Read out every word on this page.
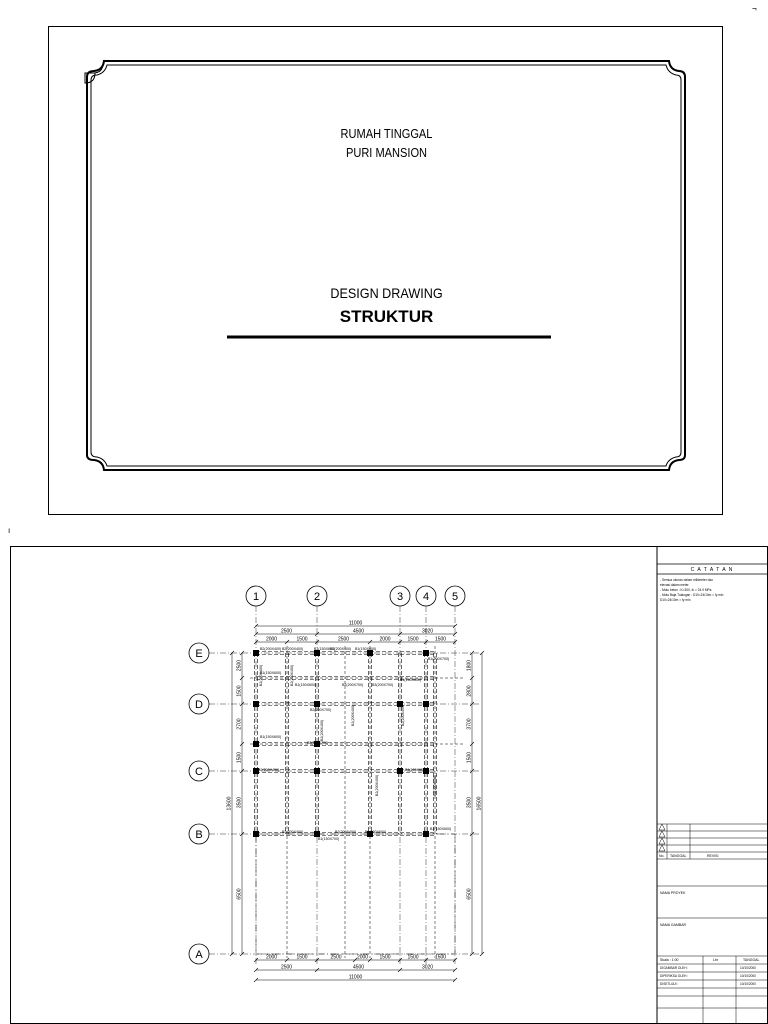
RUMAH TINGGAL
PURI MANSION
DESIGN DRAWING
STRUKTUR
¬
ı
C A T A T A N
- Semua ukuran dalam millimeter dan
elevasi dalam meter.
- Mutu beton : K=300, fc = 24.9 MPa
- Mutu Baja Tulangan : D10=24/10m = fy min
D10=24/10m = fy min
No. TANGGAL	REVISI
NAMA PROYEK
NAMA GAMBAR
Skala : 1:00	Lbr	TANGGAL
DIGAMBAR OLEH :	10/10/2000
DIPERIKSA OLEH :	10/10/2000
DISETUJUI :	10/10/2000
1	2	3 4 5
E
D
C
B
A
B2(200X400) B2(200X400)	B1(150X600)
B2(200X400) B1(150X600)
B1(200X700)
B1(150X600)
B1(150X600)	B2(200X700) B3(200X700)
B1(150X600)
B1(150X600)
B2(200X700)
B2(200X700)
B2(200X400)	B1(150X600)
B2(200X400)	B2(200X400) B1(150X600)
B1(150X700)
B1(150X600)
B2(200X400)	B2(200X400)
B2(200X400)
B2(200X400)	B2(200X400)
B2(200X400)
B2(200X400)
11000
2500	4500	3020
2000	1500	2500	2000	1500	1500
2000	1500	2500	2000 1500	1500	1500
2500	4500	3020
11000
2500
1500
2700
1500
3500
6500
13600
1800
2800
3700
1500
3500
6500
16500
